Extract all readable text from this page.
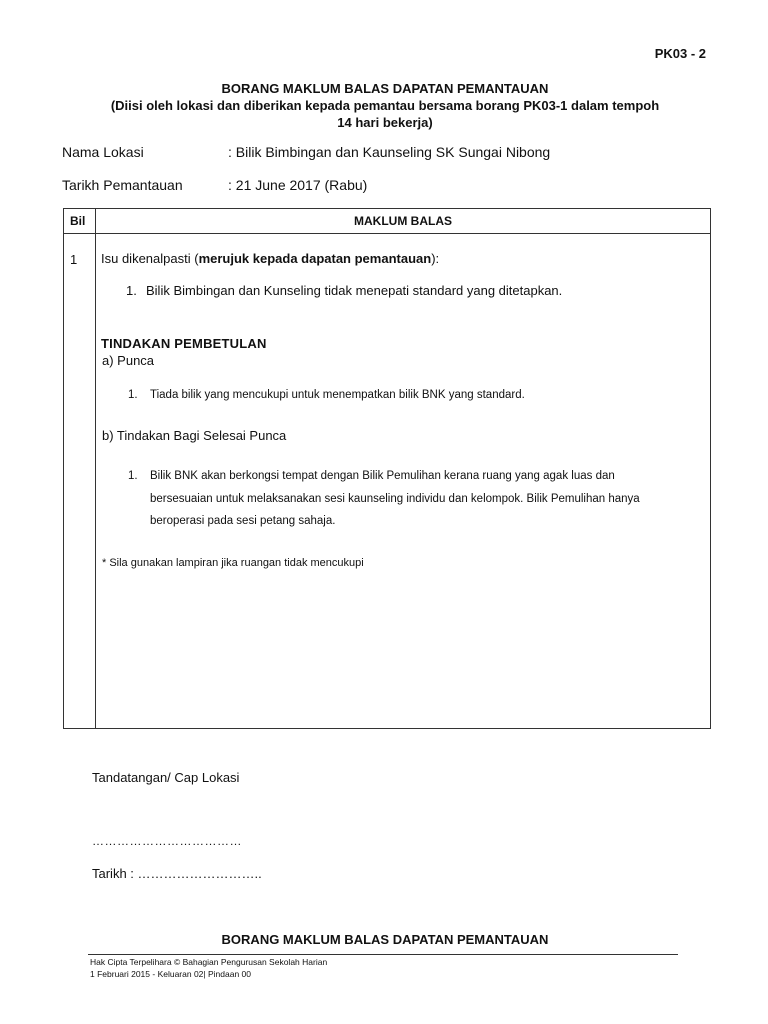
PK03 - 2
BORANG MAKLUM BALAS DAPATAN PEMANTAUAN
(Diisi oleh lokasi dan diberikan kepada pemantau bersama borang PK03-1 dalam tempoh
14 hari bekerja)
Nama Lokasi	: Bilik Bimbingan dan Kaunseling SK Sungai Nibong
Tarikh Pemantauan	: 21 June 2017 (Rabu)
Bil	MAKLUM BALAS
1 Isu dikenalpasti (merujuk kepada dapatan pemantauan):
1. Bilik Bimbingan dan Kunseling tidak menepati standard yang ditetapkan.
TINDAKAN PEMBETULAN
a) Punca
1. Tiada bilik yang mencukupi untuk menempatkan bilik BNK yang standard.
b) Tindakan Bagi Selesai Punca
1. Bilik BNK akan berkongsi tempat dengan Bilik Pemulihan kerana ruang yang agak luas dan
bersesuaian untuk melaksanakan sesi kaunseling individu dan kelompok. Bilik Pemulihan hanya
beroperasi pada sesi petang sahaja.
* Sila gunakan lampiran jika ruangan tidak mencukupi
Tandatangan/ Cap Lokasi
………………………………
Tarikh : ………………………..
BORANG MAKLUM BALAS DAPATAN PEMANTAUAN
Hak Cipta Terpelihara © Bahagian Pengurusan Sekolah Harian
1 Februari 2015 - Keluaran 02| Pindaan 00
